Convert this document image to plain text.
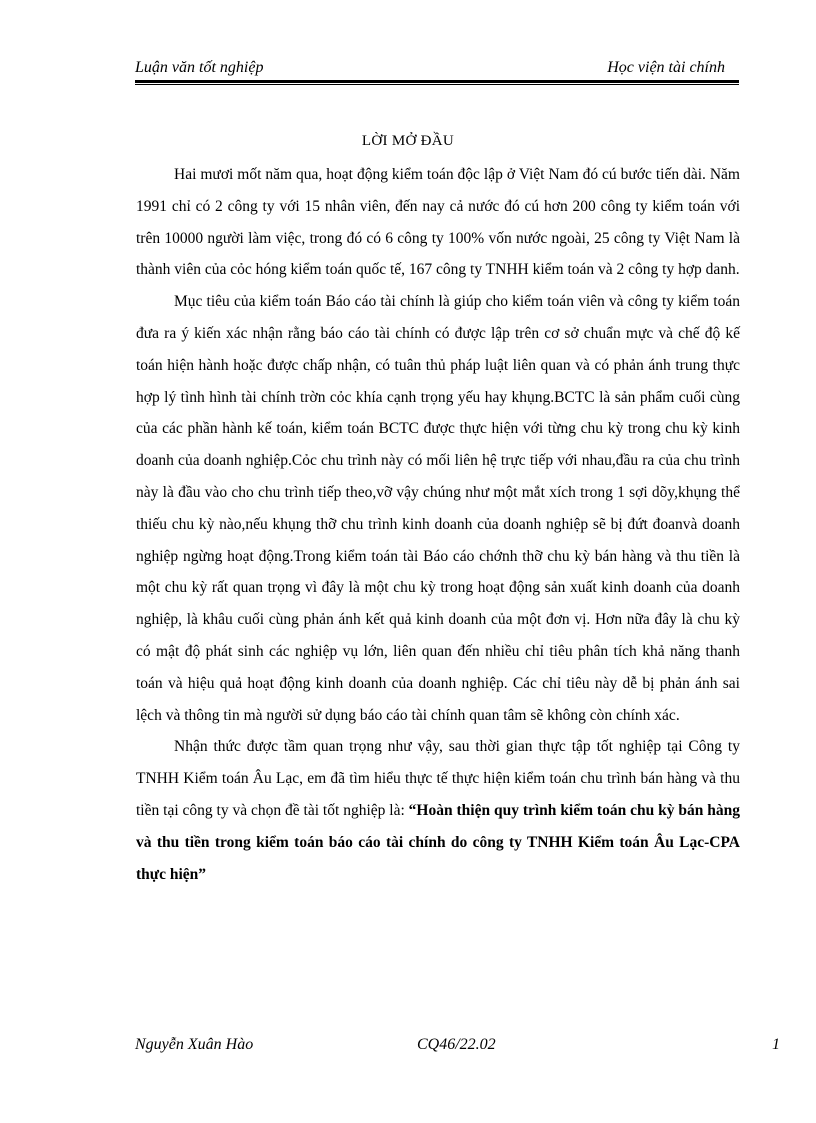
Luận văn tốt nghiệp	Học viện tài chính
LỜI MỞ ĐẦU

Hai mươi mốt năm qua, hoạt động kiểm toán độc lập ở Việt Nam đó cú bước tiến dài. Năm 1991 chỉ có 2 công ty với 15 nhân viên, đến nay cả nước đó cú hơn 200 công ty kiểm toán với trên 10000 người làm việc, trong đó có 6 công ty 100% vốn nước ngoài, 25 công ty Việt Nam là thành viên của cỏc hóng kiểm toán quốc tế, 167 công ty TNHH kiểm toán và 2 công ty hợp danh.

Mục tiêu của kiểm toán Báo cáo tài chính là giúp cho kiểm toán viên và công ty kiểm toán đưa ra ý kiến xác nhận rằng báo cáo tài chính có được lập trên cơ sở chuẩn mực và chế độ kế toán hiện hành hoặc được chấp nhận, có tuân thủ pháp luật liên quan và có phản ánh trung thực hợp lý tình hình tài chính trờn cỏc khía cạnh trọng yếu hay khụng.BCTC là sản phẩm cuối cùng của các phần hành kế toán, kiểm toán BCTC được thực hiện với từng chu kỳ trong chu kỳ kinh doanh của doanh nghiệp.Cỏc chu trình này có mối liên hệ trực tiếp với nhau,đầu ra của chu trình này là đầu vào cho chu trình tiếp theo,vỡ vậy chúng như một mắt xích trong 1 sợi dõy,khụng thể thiếu chu kỳ nào,nếu khụng thỡ chu trình kinh doanh của doanh nghiệp sẽ bị đứt đoanvà doanh nghiệp ngừng hoạt động.Trong kiểm toán tài Báo cáo chớnh thỡ chu kỳ bán hàng và thu tiền là một chu kỳ rất quan trọng vì đây là một chu kỳ trong hoạt động sản xuất kinh doanh của doanh nghiệp, là khâu cuối cùng phản ánh kết quả kinh doanh của một đơn vị. Hơn nữa đây là chu kỳ có mật độ phát sinh các nghiệp vụ lớn, liên quan đến nhiều chỉ tiêu phân tích khả năng thanh toán và hiệu quả hoạt động kinh doanh của doanh nghiệp. Các chỉ tiêu này dễ bị phản ánh sai lệch và thông tin mà người sử dụng báo cáo tài chính quan tâm sẽ không còn chính xác.

Nhận thức được tầm quan trọng như vậy, sau thời gian thực tập tốt nghiệp tại Công ty TNHH Kiểm toán Âu Lạc, em đã tìm hiểu thực tế thực hiện kiểm toán chu trình bán hàng và thu tiền tại công ty và chọn đề tài tốt nghiệp là: “Hoàn thiện quy trình kiểm toán chu kỳ bán hàng và thu tiền trong kiểm toán báo cáo tài chính do công ty TNHH Kiểm toán Âu Lạc-CPA thực hiện”

Nguyễn Xuân Hào	CQ46/22.02	1
